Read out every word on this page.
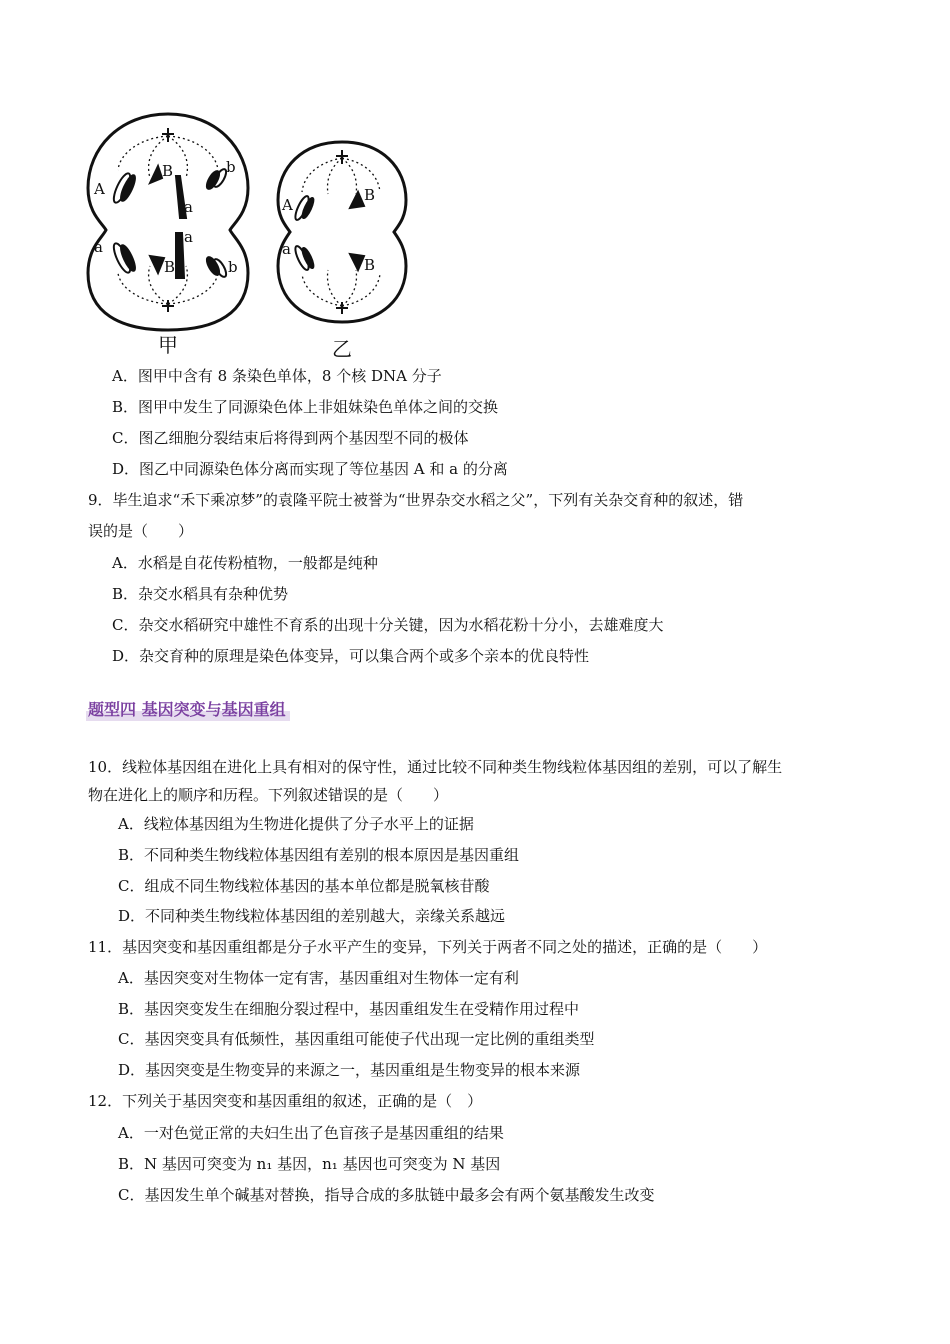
A
B
a
b
a
a
B	b
A
B
a
B
甲	乙
A．图甲中含有 8 条染色单体，8 个核 DNA 分子
B．图甲中发生了同源染色体上非姐妹染色单体之间的交换
C．图乙细胞分裂结束后将得到两个基因型不同的极体
D．图乙中同源染色体分离而实现了等位基因 A 和 a 的分离
9．毕生追求“禾下乘凉梦”的袁隆平院士被誉为“世界杂交水稻之父”，下列有关杂交育种的叙述，错
误的是（　　）
A．水稻是自花传粉植物，一般都是纯种
B．杂交水稻具有杂种优势
C．杂交水稻研究中雄性不育系的出现十分关键，因为水稻花粉十分小，去雄难度大
D．杂交育种的原理是染色体变异，可以集合两个或多个亲本的优良特性
题型四 基因突变与基因重组
10．线粒体基因组在进化上具有相对的保守性，通过比较不同种类生物线粒体基因组的差别，可以了解生
物在进化上的顺序和历程。下列叙述错误的是（　　）
A．线粒体基因组为生物进化提供了分子水平上的证据
B．不同种类生物线粒体基因组有差别的根本原因是基因重组
C．组成不同生物线粒体基因的基本单位都是脱氧核苷酸
D．不同种类生物线粒体基因组的差别越大，亲缘关系越远
11．基因突变和基因重组都是分子水平产生的变异，下列关于两者不同之处的描述，正确的是（　　）
A．基因突变对生物体一定有害，基因重组对生物体一定有利
B．基因突变发生在细胞分裂过程中，基因重组发生在受精作用过程中
C．基因突变具有低频性，基因重组可能使子代出现一定比例的重组类型
D．基因突变是生物变异的来源之一，基因重组是生物变异的根本来源
12．下列关于基因突变和基因重组的叙述，正确的是（　）
A．一对色觉正常的夫妇生出了色盲孩子是基因重组的结果
B．N 基因可突变为 n₁ 基因，n₁ 基因也可突变为 N 基因
C．基因发生单个碱基对替换，指导合成的多肽链中最多会有两个氨基酸发生改变
